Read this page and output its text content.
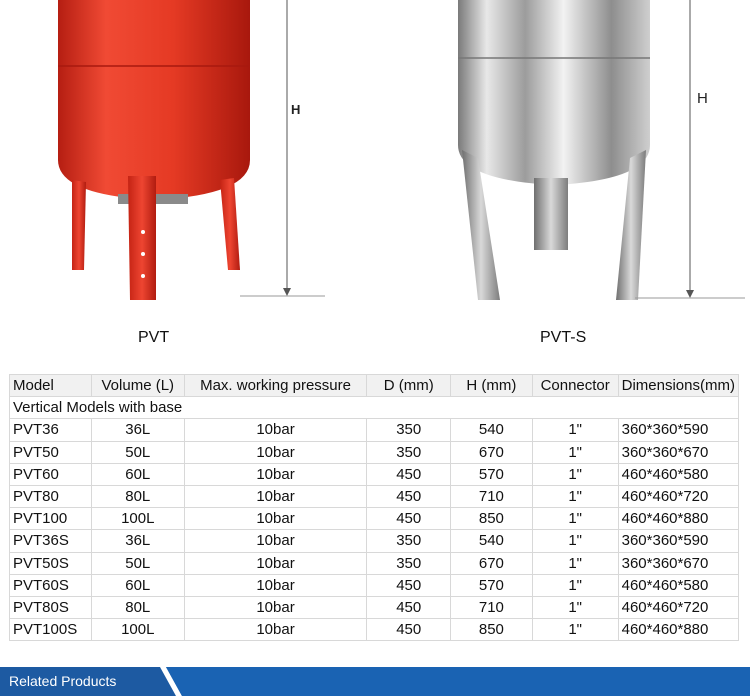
H
H
PVT	PVT-S
Model	Volume (L)	Max. working pressure	D (mm)	H (mm)	Connector	Dimensions(mm)
Vertical Models with base						
PVT36	36L	10bar	350	540	1"	360*360*590
PVT50	50L	10bar	350	670	1"	360*360*670
PVT60	60L	10bar	450	570	1"	460*460*580
PVT80	80L	10bar	450	710	1"	460*460*720
PVT100	100L	10bar	450	850	1"	460*460*880
PVT36S	36L	10bar	350	540	1"	360*360*590
PVT50S	50L	10bar	350	670	1"	360*360*670
PVT60S	60L	10bar	450	570	1"	460*460*580
PVT80S	80L	10bar	450	710	1"	460*460*720
PVT100S	100L	10bar	450	850	1"	460*460*880
Related Products
